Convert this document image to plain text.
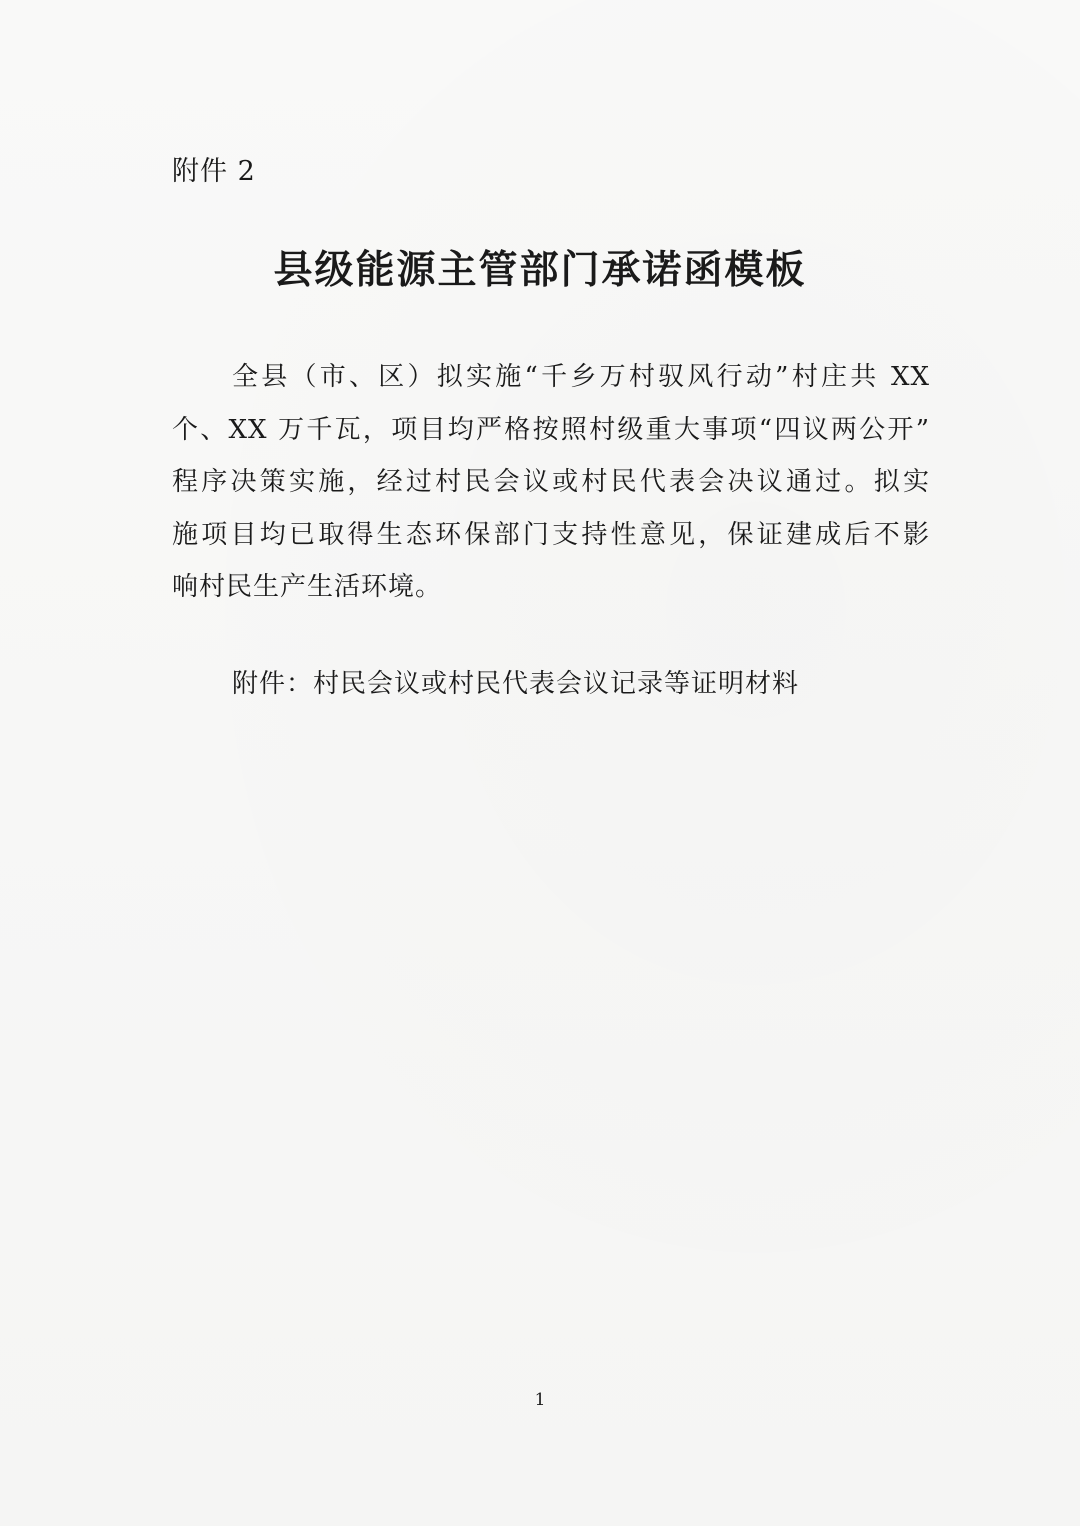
附件 2
县级能源主管部门承诺函模板
全县（市、区）拟实施“千乡万村驭风行动”村庄共 XX
个、XX 万千瓦，项目均严格按照村级重大事项“四议两公开”
程序决策实施，经过村民会议或村民代表会决议通过。拟实
施项目均已取得生态环保部门支持性意见，保证建成后不影
响村民生产生活环境。
附件：村民会议或村民代表会议记录等证明材料
1
